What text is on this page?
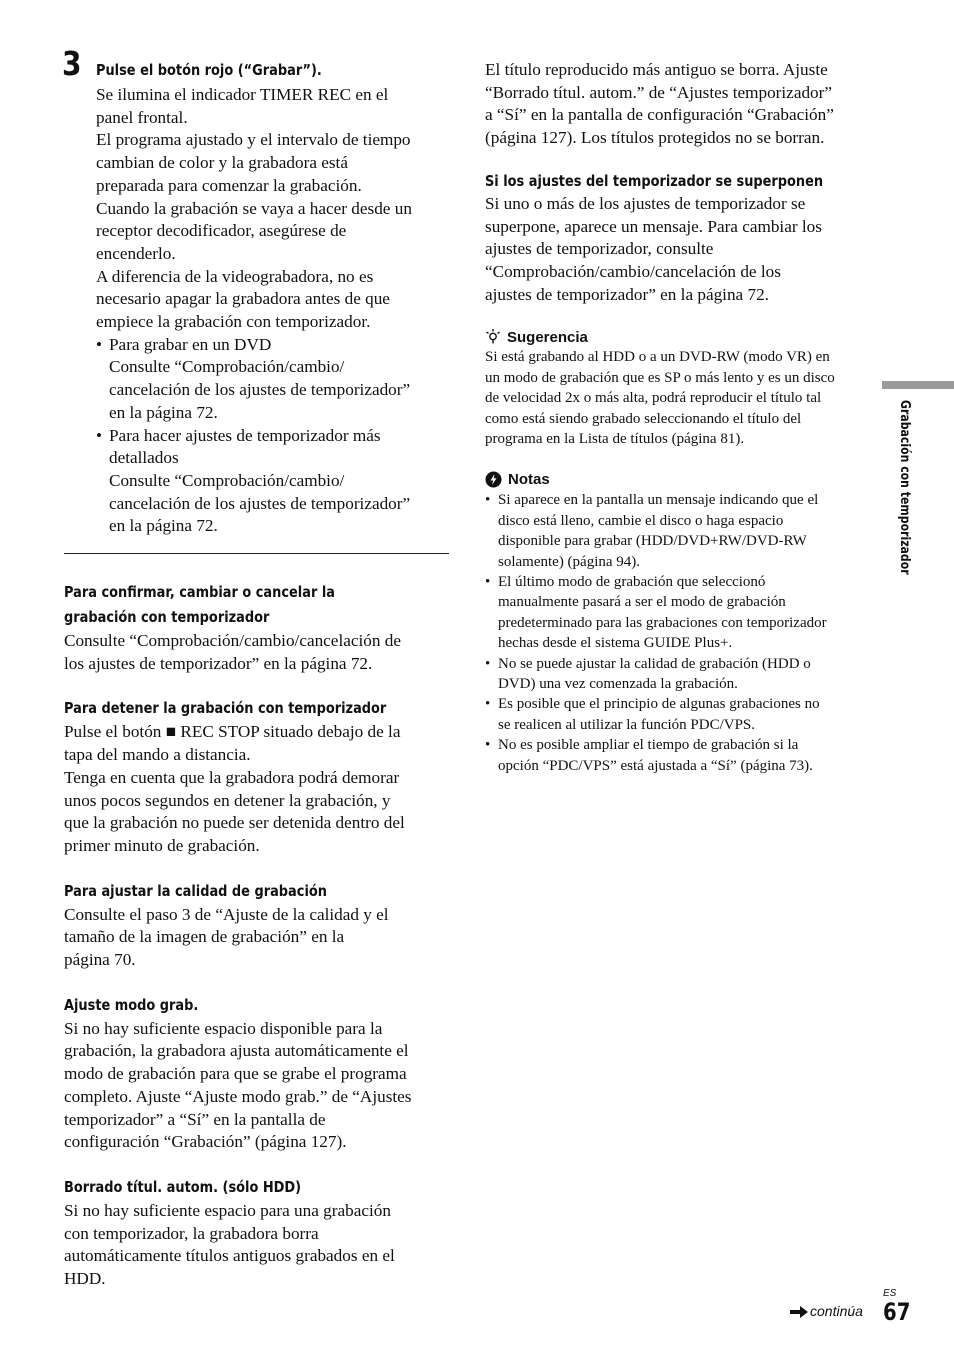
3 Pulse el botón rojo (“Grabar”).
Se ilumina el indicador TIMER REC en el
panel frontal.
El programa ajustado y el intervalo de tiempo
cambian de color y la grabadora está
preparada para comenzar la grabación.
Cuando la grabación se vaya a hacer desde un
receptor decodificador, asegúrese de
encenderlo.
A diferencia de la videograbadora, no es
necesario apagar la grabadora antes de que
empiece la grabación con temporizador.
• Para grabar en un DVD
Consulte “Comprobación/cambio/
cancelación de los ajustes de temporizador”
en la página 72.
• Para hacer ajustes de temporizador más
detallados
Consulte “Comprobación/cambio/
cancelación de los ajustes de temporizador”
en la página 72.
Para confirmar, cambiar o cancelar la
grabación con temporizador
Consulte “Comprobación/cambio/cancelación de
los ajustes de temporizador” en la página 72.
Para detener la grabación con temporizador
Pulse el botón ■ REC STOP situado debajo de la
tapa del mando a distancia.
Tenga en cuenta que la grabadora podrá demorar
unos pocos segundos en detener la grabación, y
que la grabación no puede ser detenida dentro del
primer minuto de grabación.
Para ajustar la calidad de grabación
Consulte el paso 3 de “Ajuste de la calidad y el
tamaño de la imagen de grabación” en la
página 70.
Ajuste modo grab.
Si no hay suficiente espacio disponible para la
grabación, la grabadora ajusta automáticamente el
modo de grabación para que se grabe el programa
completo. Ajuste “Ajuste modo grab.” de “Ajustes
temporizador” a “Sí” en la pantalla de
configuración “Grabación” (página 127).
Borrado títul. autom. (sólo HDD)
Si no hay suficiente espacio para una grabación
con temporizador, la grabadora borra
automáticamente títulos antiguos grabados en el
HDD.
El título reproducido más antiguo se borra. Ajuste
“Borrado títul. autom.” de “Ajustes temporizador”
a “Sí” en la pantalla de configuración “Grabación”
(página 127). Los títulos protegidos no se borran.
Si los ajustes del temporizador se superponen
Si uno o más de los ajustes de temporizador se
superpone, aparece un mensaje. Para cambiar los
ajustes de temporizador, consulte
“Comprobación/cambio/cancelación de los
ajustes de temporizador” en la página 72.
Sugerencia
Si está grabando al HDD o a un DVD-RW (modo VR) en
un modo de grabación que es SP o más lento y es un disco
de velocidad 2x o más alta, podrá reproducir el título tal
como está siendo grabado seleccionando el título del
programa en la Lista de títulos (página 81).
Notas
• Si aparece en la pantalla un mensaje indicando que el
disco está lleno, cambie el disco o haga espacio
disponible para grabar (HDD/DVD+RW/DVD-RW
solamente) (página 94).
• El último modo de grabación que seleccionó
manualmente pasará a ser el modo de grabación
predeterminado para las grabaciones con temporizador
hechas desde el sistema GUIDE Plus+.
• No se puede ajustar la calidad de grabación (HDD o
DVD) una vez comenzada la grabación.
• Es posible que el principio de algunas grabaciones no
se realicen al utilizar la función PDC/VPS.
• No es posible ampliar el tiempo de grabación si la
opción “PDC/VPS” está ajustada a “Sí” (página 73).
Grabación con temporizador
continúa
ES
67
